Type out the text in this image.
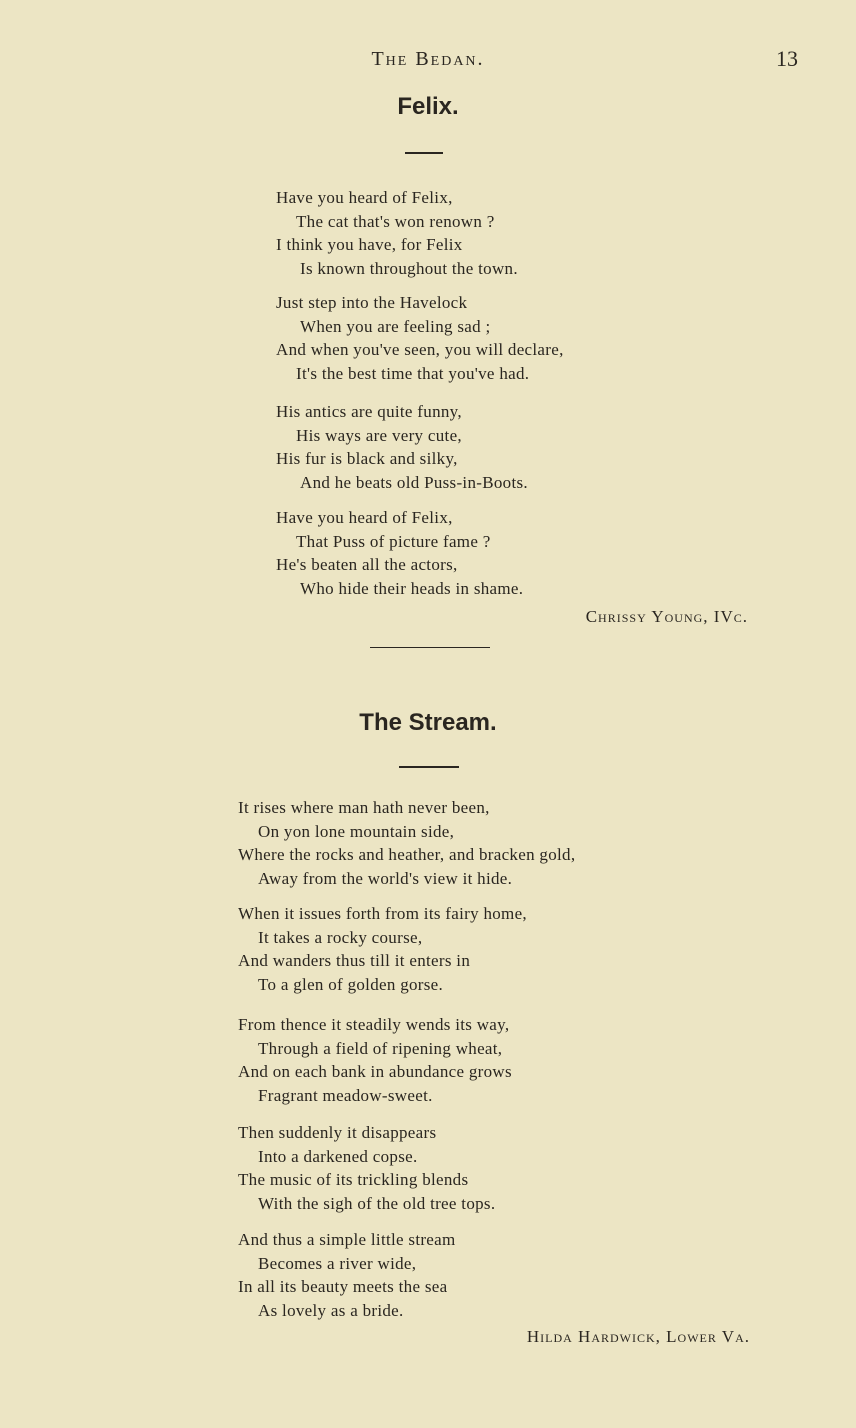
The Bedan.	13
Felix.
Have you heard of Felix,
The cat that's won renown ?
I think you have, for Felix
Is known throughout the town.
Just step into the Havelock
When you are feeling sad ;
And when you've seen, you will declare,
It's the best time that you've had.
His antics are quite funny,
His ways are very cute,
His fur is black and silky,
And he beats old Puss-in-Boots.
Have you heard of Felix,
That Puss of picture fame ?
He's beaten all the actors,
Who hide their heads in shame.
Chrissy Young, IVc.
The Stream.
It rises where man hath never been,
On yon lone mountain side,
Where the rocks and heather, and bracken gold,
Away from the world's view it hide.
When it issues forth from its fairy home,
It takes a rocky course,
And wanders thus till it enters in
To a glen of golden gorse.
From thence it steadily wends its way,
Through a field of ripening wheat,
And on each bank in abundance grows
Fragrant meadow-sweet.
Then suddenly it disappears
Into a darkened copse.
The music of its trickling blends
With the sigh of the old tree tops.
And thus a simple little stream
Becomes a river wide,
In all its beauty meets the sea
As lovely as a bride.
Hilda Hardwick, Lower Va.
